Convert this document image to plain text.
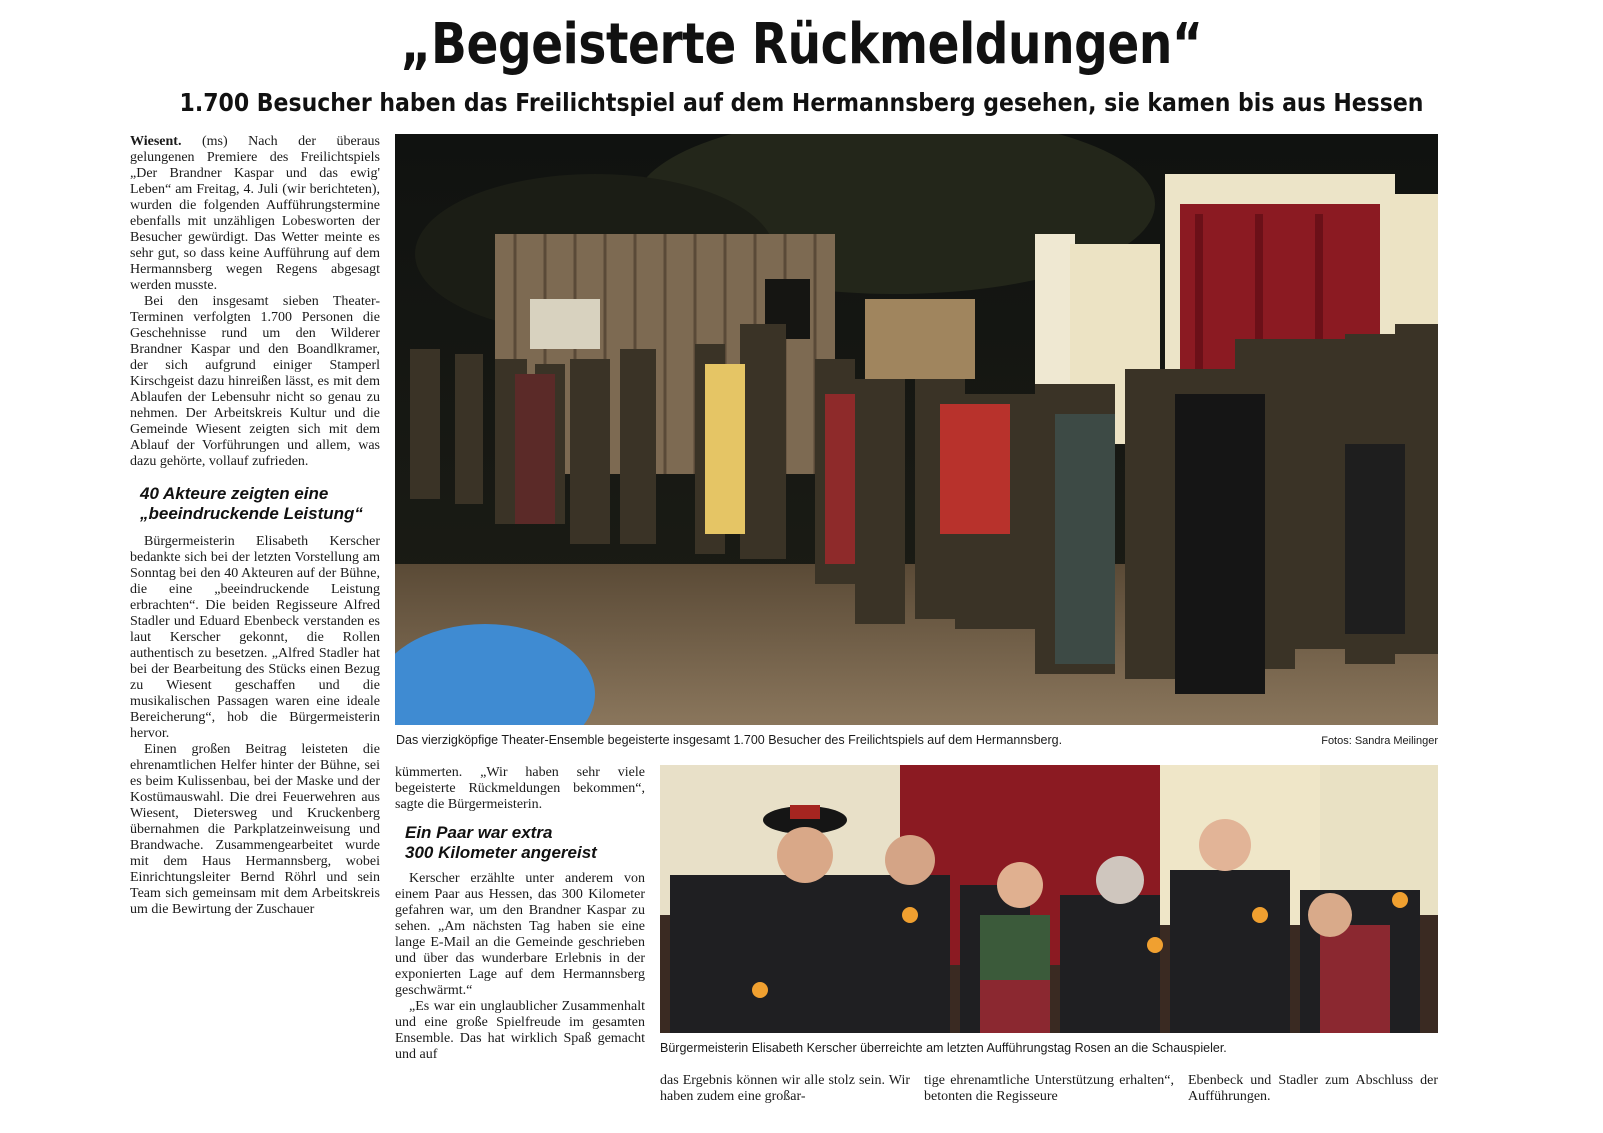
„Begeisterte Rückmeldungen“
1.700 Besucher haben das Freilichtspiel auf dem Hermannsberg gesehen, sie kamen bis aus Hessen

Wiesent. (ms) Nach der überaus gelungenen Premiere des Freilichtspiels „Der Brandner Kaspar und das ewig' Leben“ am Freitag, 4. Juli (wir berichteten), wurden die folgenden Aufführungstermine ebenfalls mit unzähligen Lobesworten der Besucher gewürdigt. Das Wetter meinte es sehr gut, so dass keine Aufführung auf dem Hermannsberg wegen Regens abgesagt werden musste.

Bei den insgesamt sieben Theater-Terminen verfolgten 1.700 Personen die Geschehnisse rund um den Wilderer Brandner Kaspar und den Boandlkramer, der sich aufgrund einiger Stamperl Kirschgeist dazu hinreißen lässt, es mit dem Ablaufen der Lebensuhr nicht so genau zu nehmen. Der Arbeitskreis Kultur und die Gemeinde Wiesent zeigten sich mit dem Ablauf der Vorführungen und allem, was dazu gehörte, vollauf zufrieden.

40 Akteure zeigten eine
„beeindruckende Leistung“

Bürgermeisterin Elisabeth Kerscher bedankte sich bei der letzten Vorstellung am Sonntag bei den 40 Akteuren auf der Bühne, die eine „beeindruckende Leistung erbrachten“. Die beiden Regisseure Alfred Stadler und Eduard Ebenbeck verstanden es laut Kerscher gekonnt, die Rollen authentisch zu besetzen. „Alfred Stadler hat bei der Bearbeitung des Stücks einen Bezug zu Wiesent geschaffen und die musikalischen Passagen waren eine ideale Bereicherung“, hob die Bürgermeisterin hervor.

Einen großen Beitrag leisteten die ehrenamtlichen Helfer hinter der Bühne, sei es beim Kulissenbau, bei der Maske und der Kostümauswahl. Die drei Feuerwehren aus Wiesent, Dietersweg und Kruckenberg übernahmen die Parkplatzeinweisung und Brandwache. Zusammengearbeitet wurde mit dem Haus Hermannsberg, wobei Einrichtungsleiter Bernd Röhrl und sein Team sich gemeinsam mit dem Arbeitskreis um die Bewirtung der Zuschauer

Das vierzigköpfige Theater-Ensemble begeisterte insgesamt 1.700 Besucher des Freilichtspiels auf dem Hermannsberg.	Fotos: Sandra Meilinger

kümmerten. „Wir haben sehr viele begeisterte Rückmeldungen bekommen“, sagte die Bürgermeisterin.

Ein Paar war extra
300 Kilometer angereist

Kerscher erzählte unter anderem von einem Paar aus Hessen, das 300 Kilometer gefahren war, um den Brandner Kaspar zu sehen. „Am nächsten Tag haben sie eine lange E-Mail an die Gemeinde geschrieben und über das wunderbare Erlebnis in der exponierten Lage auf dem Hermannsberg geschwärmt.“

„Es war ein unglaublicher Zusammenhalt und eine große Spielfreude im gesamten Ensemble. Das hat wirklich Spaß gemacht und auf	Bürgermeisterin Elisabeth Kerscher überreichte am letzten Aufführungstag Rosen an die Schauspieler.

das Ergebnis können wir alle stolz sein. Wir haben zudem eine großar-

tige ehrenamtliche Unterstützung erhalten“, betonten die Regisseure

Ebenbeck und Stadler zum Abschluss der Aufführungen.
